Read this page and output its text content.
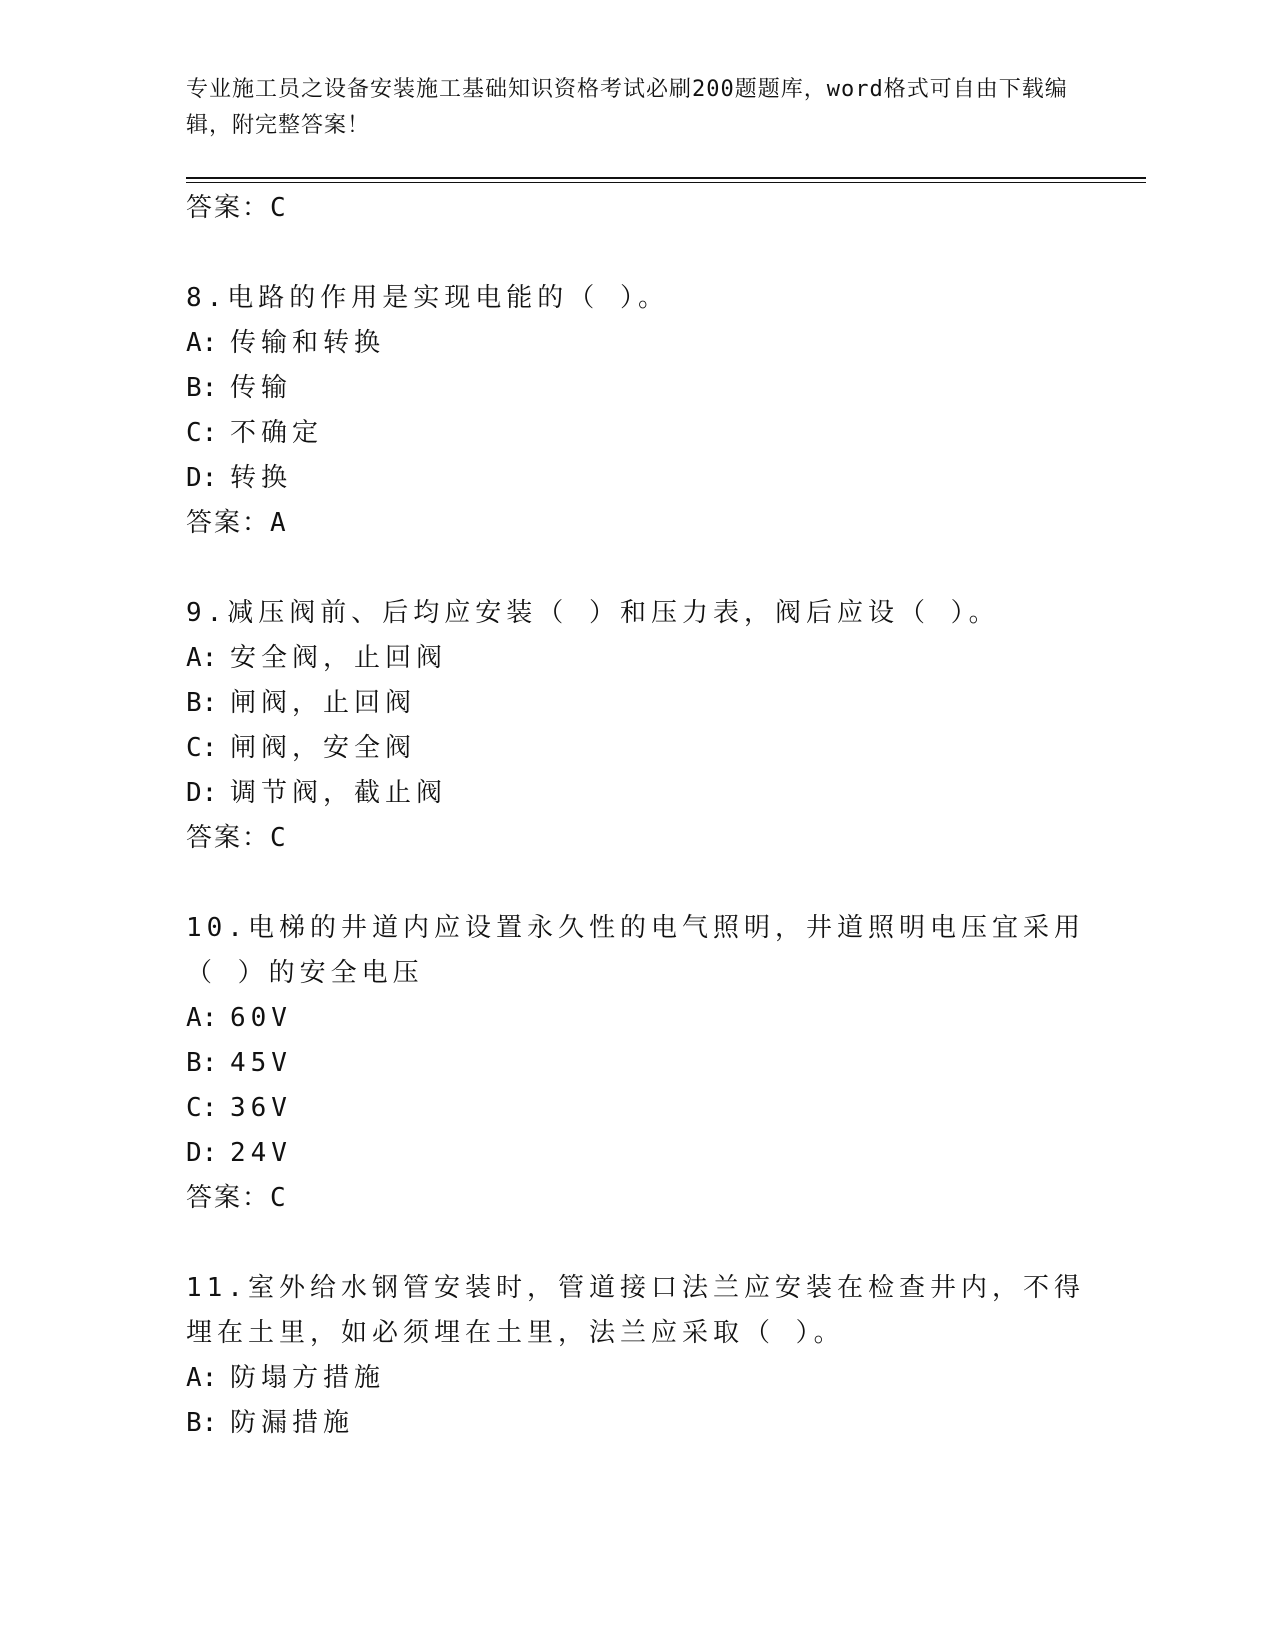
专业施工员之设备安装施工基础知识资格考试必刷200题题库，word格式可自由下载编辑，附完整答案！
答案：C
8.电路的作用是实现电能的（ ）。
A: 传输和转换
B: 传输
C: 不确定
D: 转换
答案：A
9.减压阀前、后均应安装（ ）和压力表，阀后应设（ ）。
A: 安全阀，止回阀
B: 闸阀，止回阀
C: 闸阀，安全阀
D: 调节阀，截止阀
答案：C
10.电梯的井道内应设置永久性的电气照明，井道照明电压宜采用（ ）的安全电压
A: 60V
B: 45V
C: 36V
D: 24V
答案：C
11.室外给水钢管安装时，管道接口法兰应安装在检查井内，不得埋在土里，如必须埋在土里，法兰应采取（ ）。
A: 防塌方措施
B: 防漏措施
